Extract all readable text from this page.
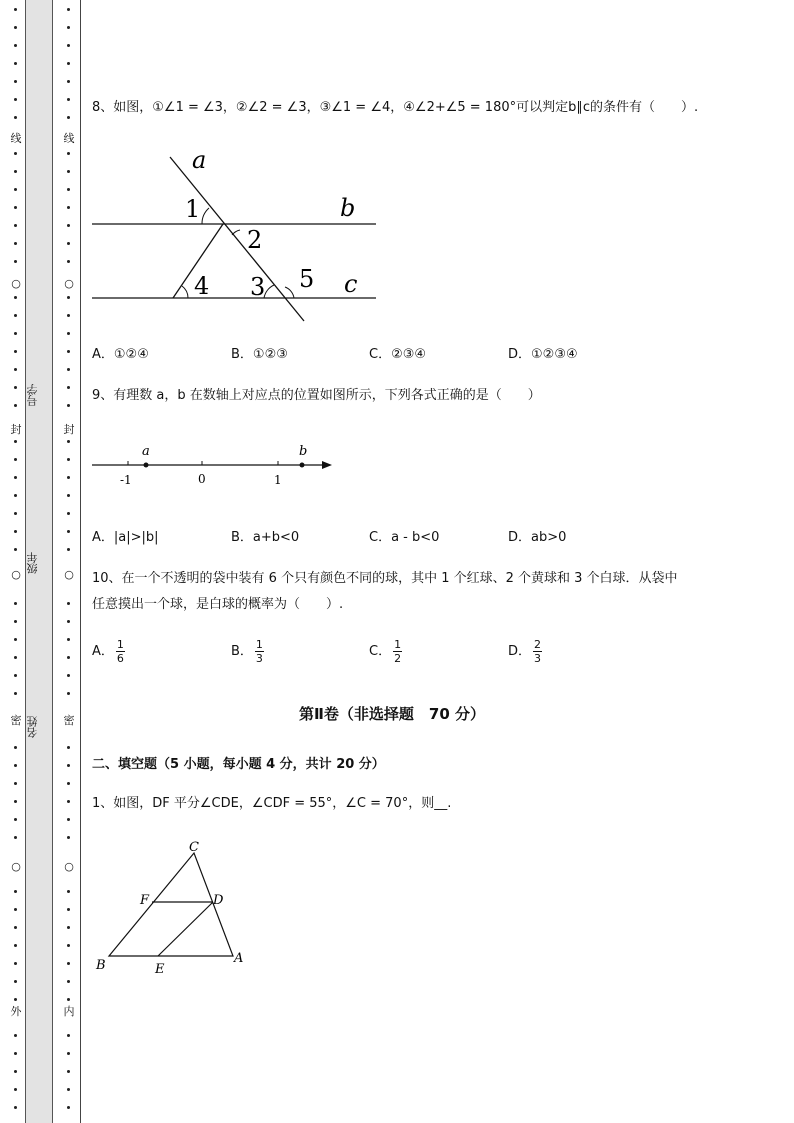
线
○
封
○
密
○
外
号学
级年
名姓
线
○
封
○
密
○
内
8、如图，①∠1 = ∠3，②∠2 = ∠3，③∠1 = ∠4，④∠2+∠5 = 180°可以判定b∥c的条件有（　　）.
a
b
c
1
2
3
4	5
A．①②④	B．①②③	C．②③④	D．①②③④
9、有理数 a，b 在数轴上对应点的位置如图所示，下列各式正确的是（　　）
a	b
-1	0	1
A．|a|>|b|	B．a+b<0	C．a - b<0	D．ab>0
10、在一个不透明的袋中装有 6 个只有颜色不同的球，其中 1 个红球、2 个黄球和 3 个白球．从袋中
任意摸出一个球，是白球的概率为（　　）.
A． $\frac{1}{6}$	B． $\frac{1}{3}$	C． $\frac{1}{2}$	D． $\frac{2}{3}$
第Ⅱ卷（非选择题　70 分）
二、填空题（5 小题，每小题 4 分，共计 20 分）
1、如图，DF 平分∠CDE，∠CDF = 55°，∠C = 70°，则__.
C
F	D
B	E
A
